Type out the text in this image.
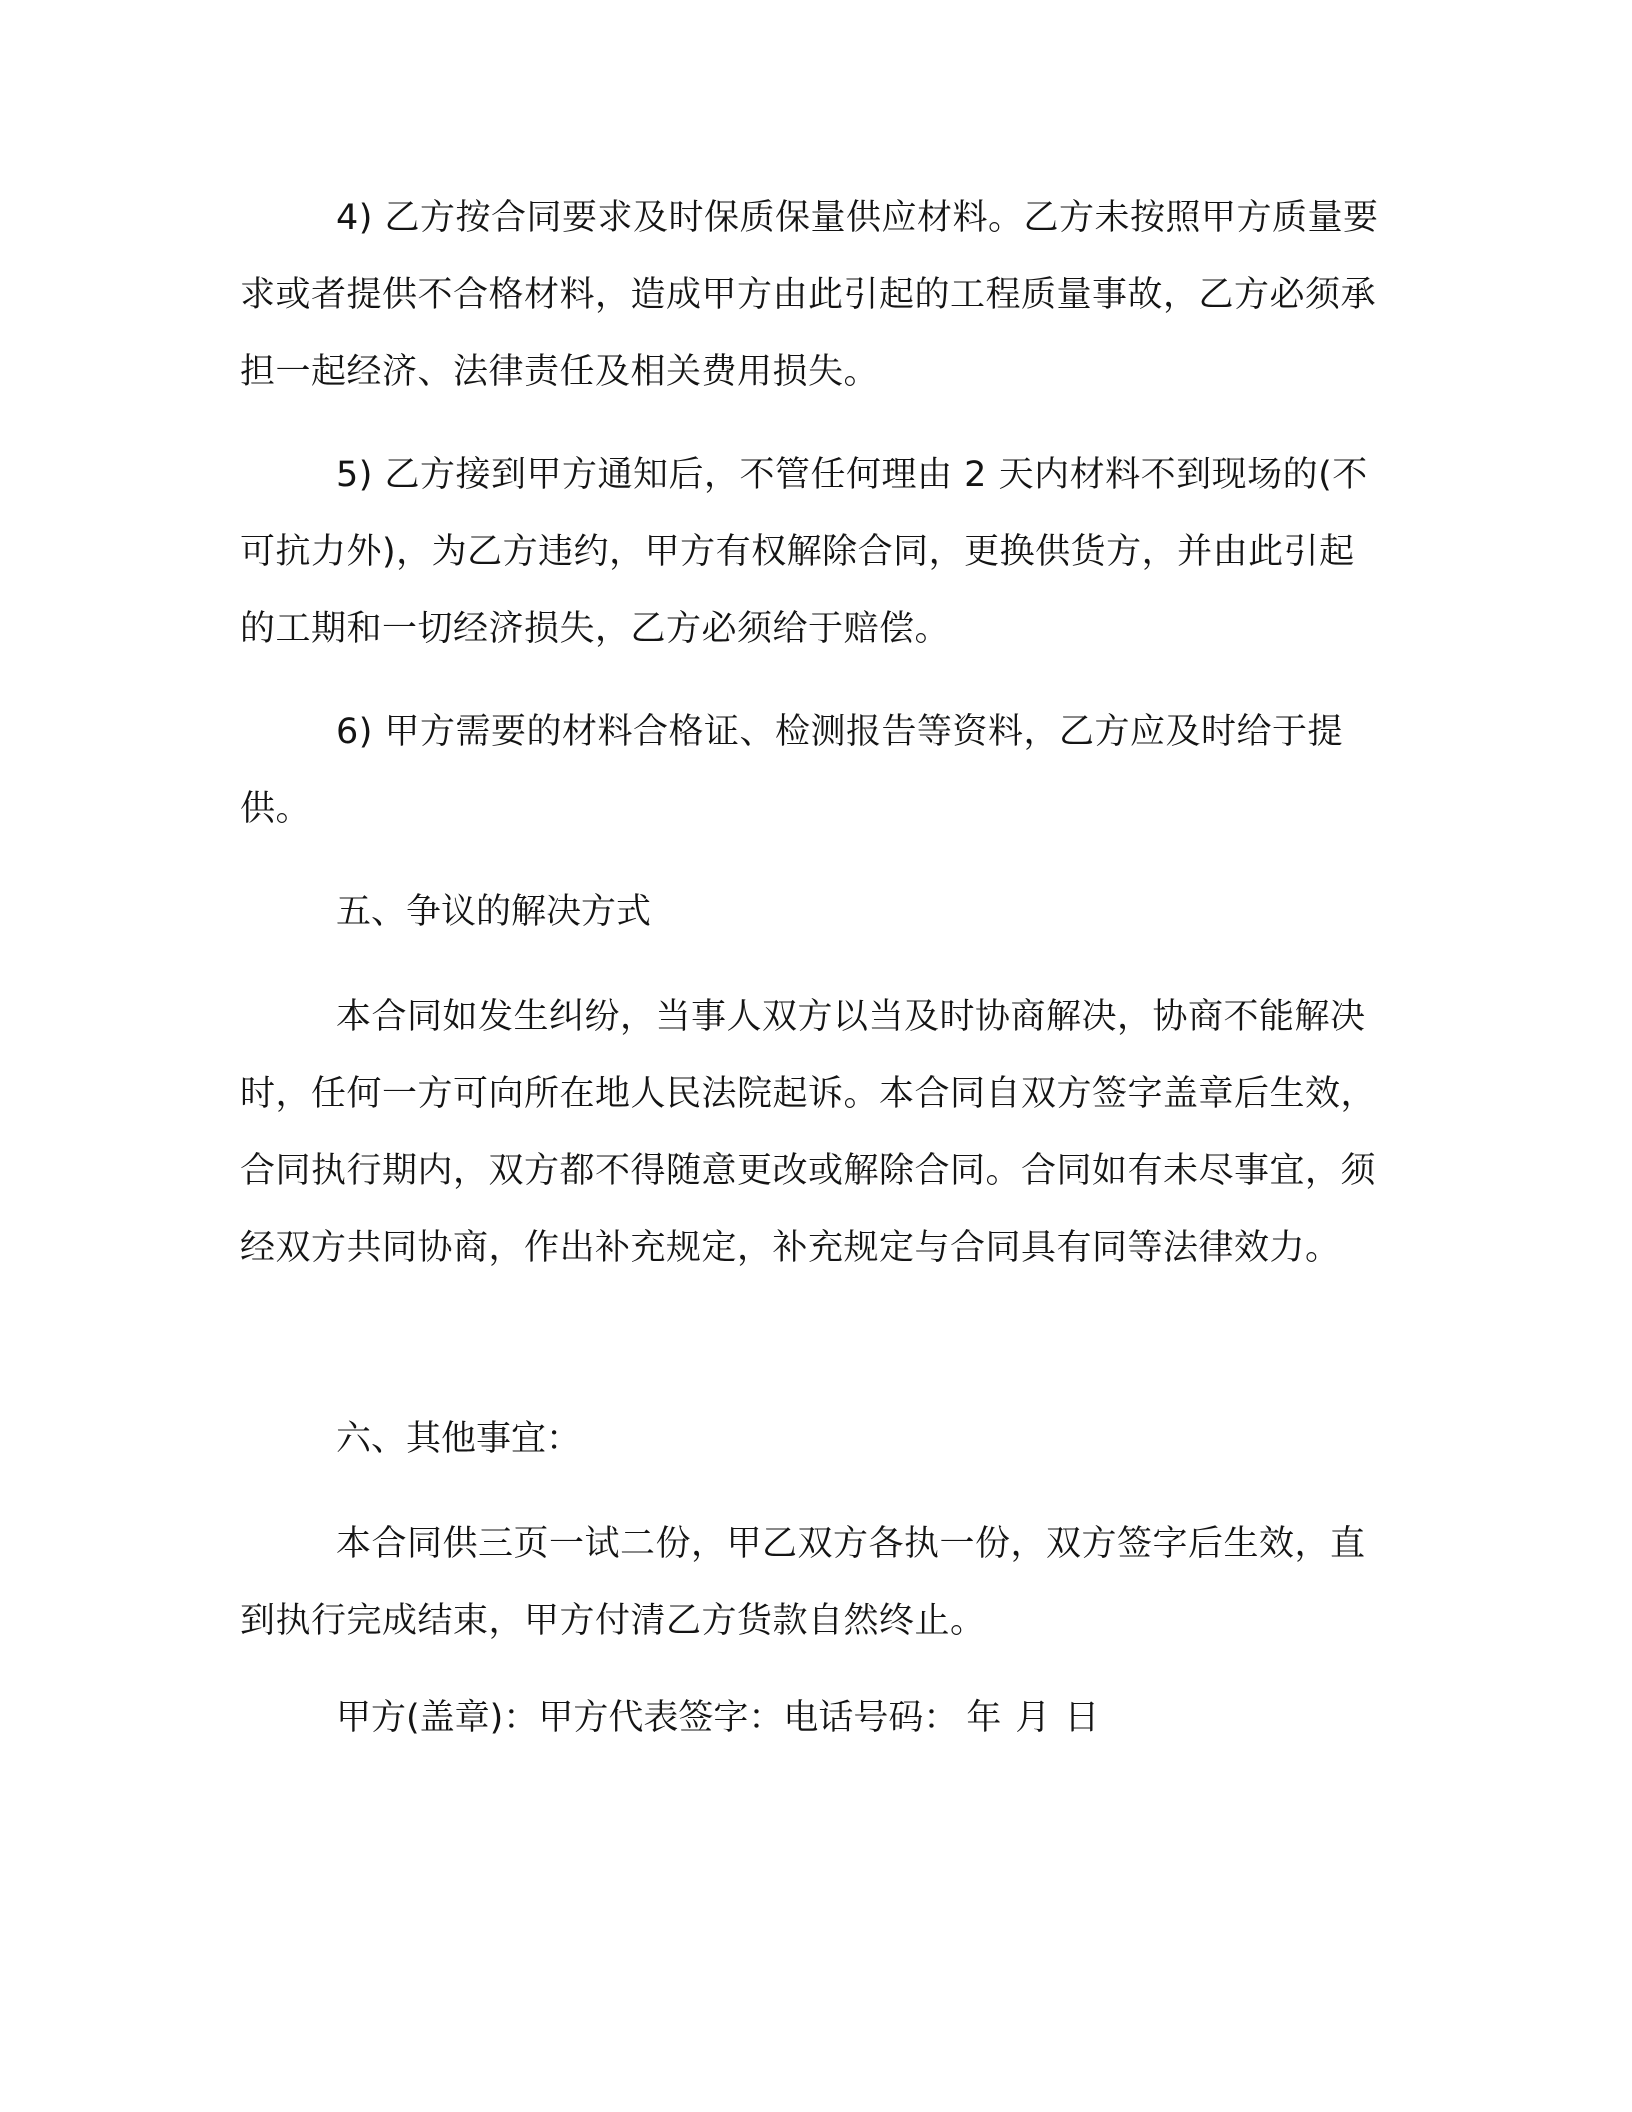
4) 乙方按合同要求及时保质保量供应材料。乙方未按照甲方质量要求或者提供不合格材料，造成甲方由此引起的工程质量事故，乙方必须承担一起经济、法律责任及相关费用损失。
5) 乙方接到甲方通知后，不管任何理由 2 天内材料不到现场的(不可抗力外)，为乙方违约，甲方有权解除合同，更换供货方，并由此引起的工期和一切经济损失，乙方必须给于赔偿。
6) 甲方需要的材料合格证、检测报告等资料，乙方应及时给于提供。
五、争议的解决方式
本合同如发生纠纷，当事人双方以当及时协商解决，协商不能解决时，任何一方可向所在地人民法院起诉。本合同自双方签字盖章后生效，合同执行期内，双方都不得随意更改或解除合同。合同如有未尽事宜，须经双方共同协商，作出补充规定，补充规定与合同具有同等法律效力。
六、其他事宜：
本合同供三页一试二份，甲乙双方各执一份，双方签字后生效，直到执行完成结束，甲方付清乙方货款自然终止。
甲方(盖章)：甲方代表签字：电话号码： 年 月 日
